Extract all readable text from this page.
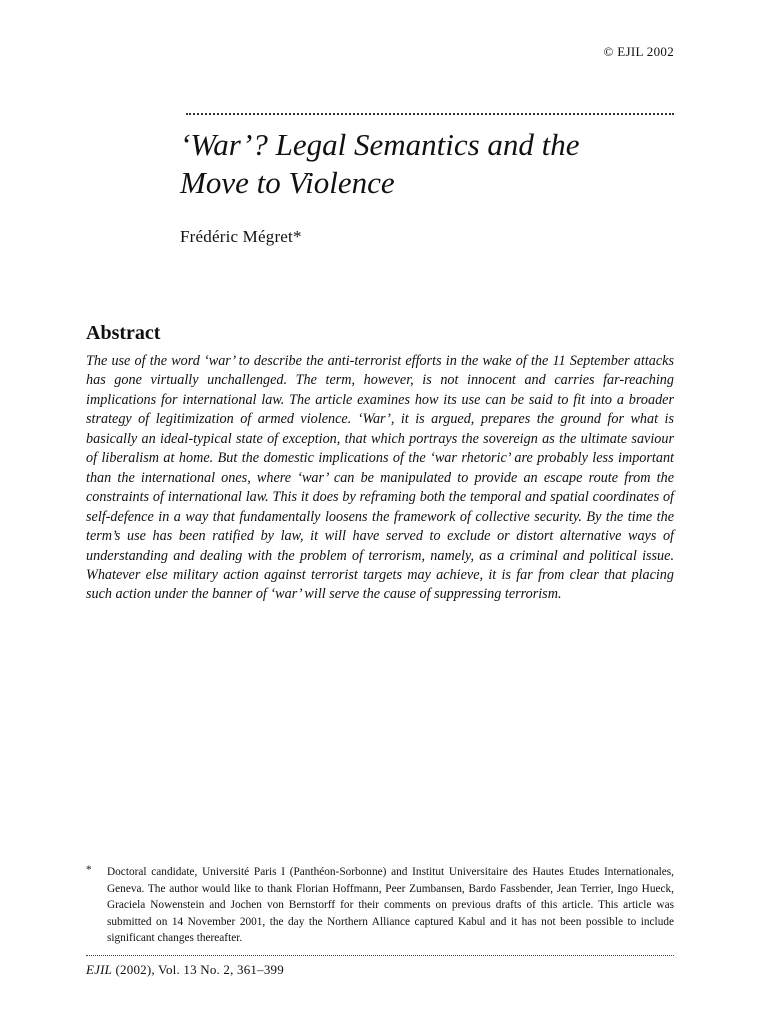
© EJIL 2002
‘War’? Legal Semantics and the
Move to Violence
Frédéric Mégret*
Abstract

The use of the word ‘war’ to describe the anti-terrorist efforts in the wake of the 11 September attacks has gone virtually unchallenged. The term, however, is not innocent and carries far-reaching implications for international law. The article examines how its use can be said to fit into a broader strategy of legitimization of armed violence. ‘War’, it is argued, prepares the ground for what is basically an ideal-typical state of exception, that which portrays the sovereign as the ultimate saviour of liberalism at home. But the domestic implications of the ‘war rhetoric’ are probably less important than the international ones, where ‘war’ can be manipulated to provide an escape route from the constraints of international law. This it does by reframing both the temporal and spatial coordinates of self-defence in a way that fundamentally loosens the framework of collective security. By the time the term’s use has been ratified by law, it will have served to exclude or distort alternative ways of understanding and dealing with the problem of terrorism, namely, as a criminal and political issue. Whatever else military action against terrorist targets may achieve, it is far from clear that placing such action under the banner of ‘war’ will serve the cause of suppressing terrorism.

* Doctoral candidate, Université Paris I (Panthéon-Sorbonne) and Institut Universitaire des Hautes Etudes Internationales, Geneva. The author would like to thank Florian Hoffmann, Peer Zumbansen, Bardo Fassbender, Jean Terrier, Ingo Hueck, Graciela Nowenstein and Jochen von Bernstorff for their comments on previous drafts of this article. This article was submitted on 14 November 2001, the day the Northern Alliance captured Kabul and it has not been possible to include significant changes thereafter.

EJIL (2002), Vol. 13 No. 2, 361–399
